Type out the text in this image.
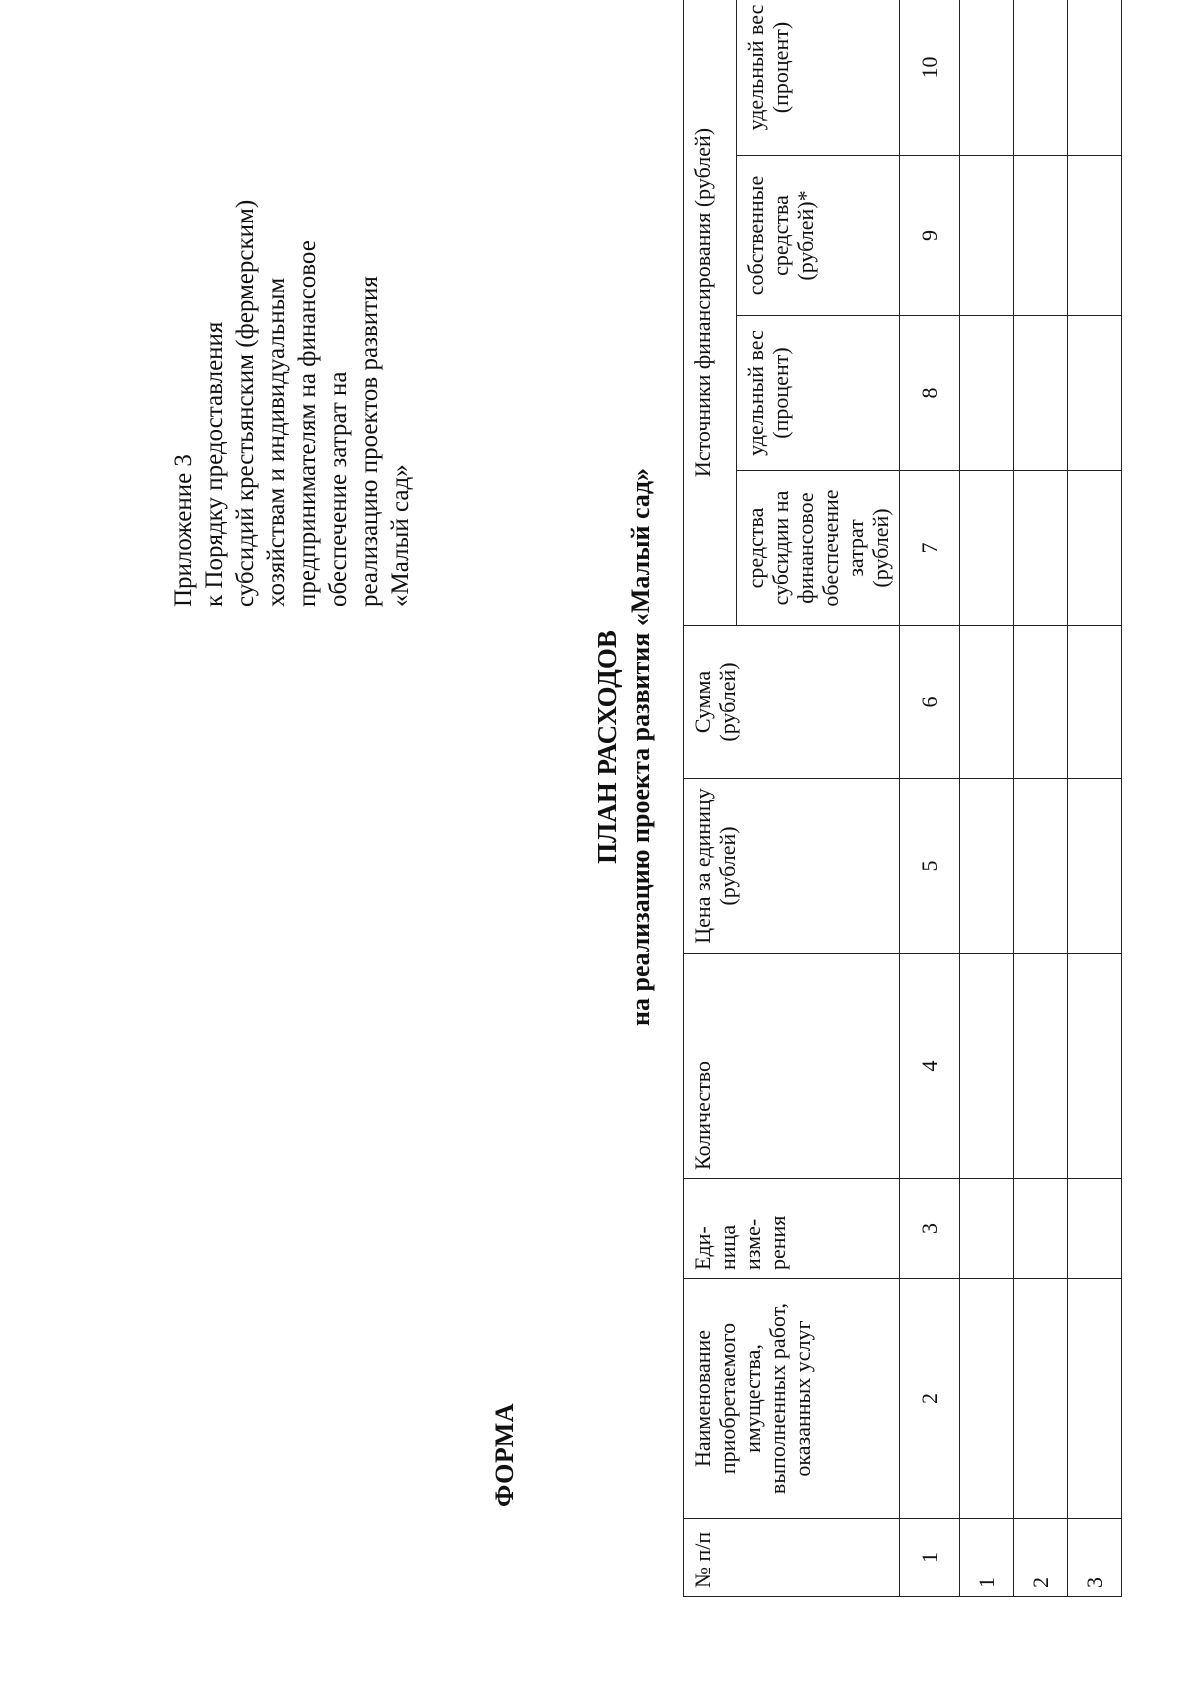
Приложение 3 к Порядку предоставления субсидий крестьянским (фермерским) хозяйствам и индивидуальным предпринимателям на финансовое обеспечение затрат на реализацию проектов развития «Малый сад»
ФОРМА
ПЛАН РАСХОДОВ на реализацию проекта развития «Малый сад»
№ п/п	Наименование приобретаемого имущества, выполненных работ, оказанных услуг	Еди-ница изме-рения	Количество	Цена за единицу (рублей)	Сумма (рублей)	Источники финансирования (рублей)			
						средства субсидии на финансовое обеспечение затрат (рублей)	удельный вес (процент)	собственные средства (рублей)*	удельный вес (процент)
1	2	3	4	5	6	7	8	9	10
1									
2									
3									
